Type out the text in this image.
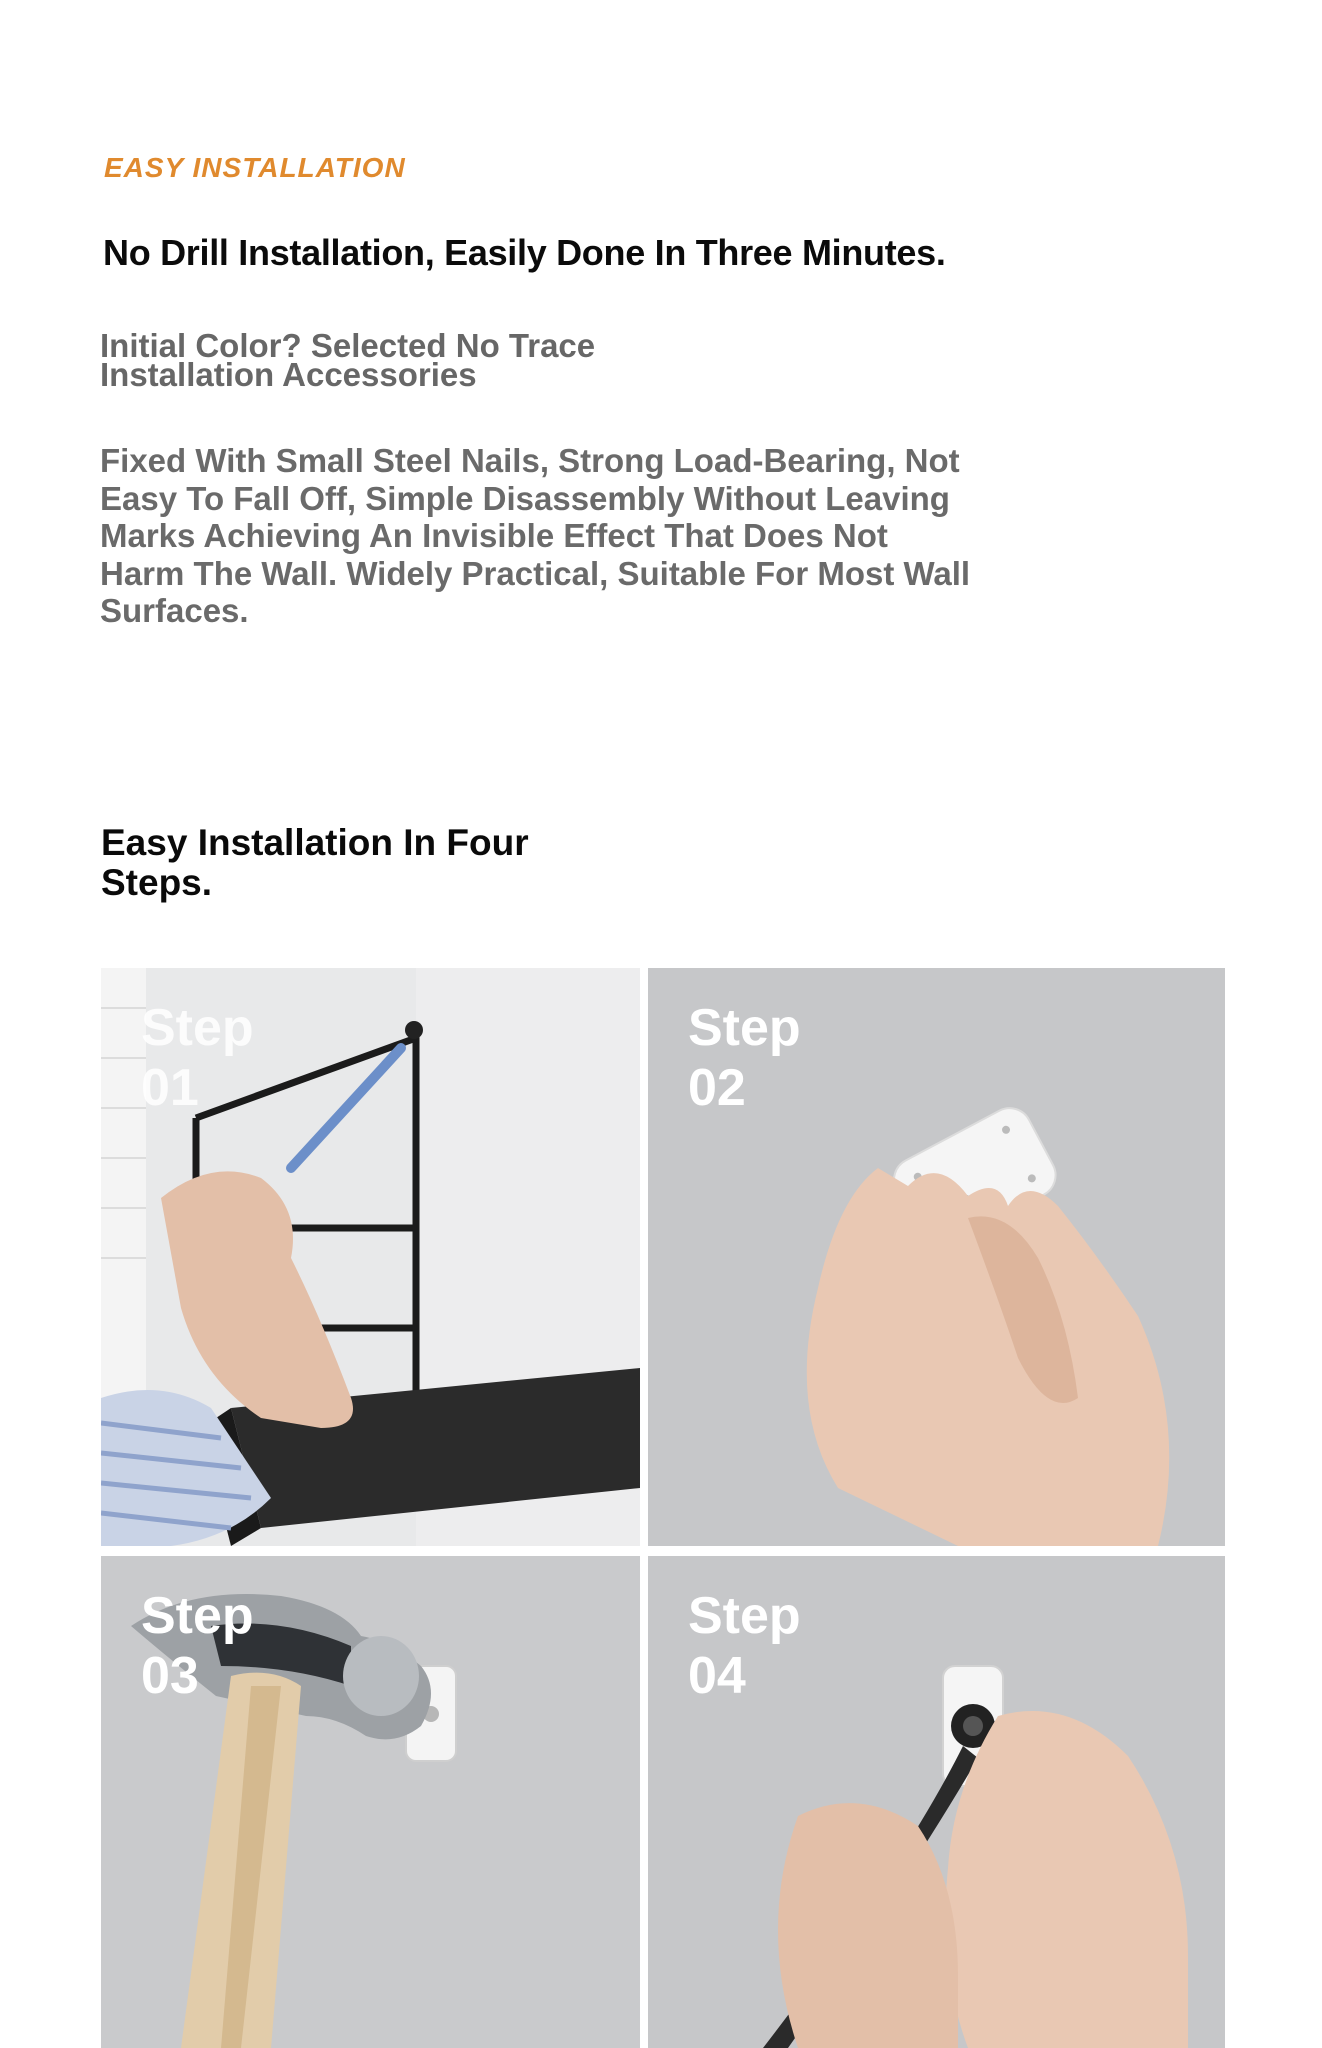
EASY INSTALLATION
No Drill Installation, Easily Done In Three Minutes.
Initial Color? Selected No Trace Installation Accessories
Fixed With Small Steel Nails, Strong Load-Bearing, Not Easy To Fall Off, Simple Disassembly Without Leaving Marks Achieving An Invisible Effect That Does Not Harm The Wall. Widely Practical, Suitable For Most Wall Surfaces.
Easy Installation In Four Steps.
Step
01
Step
02
Step
03
Step
04
